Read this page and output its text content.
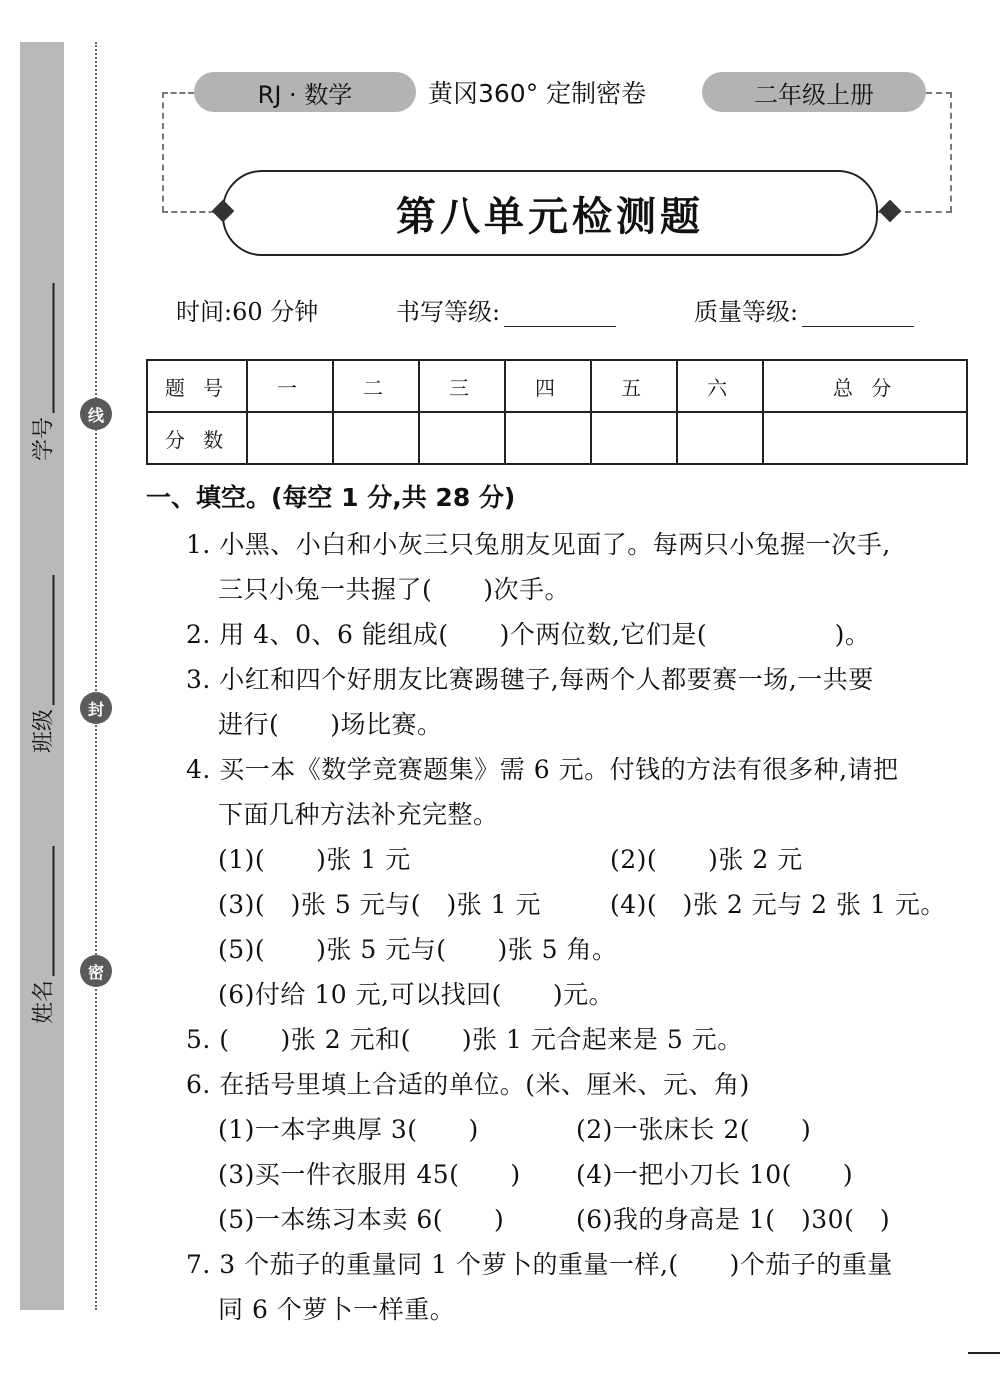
线
封
密
学号
班级
姓名
RJ · 数学	黄冈360° 定制密卷	二年级上册
第八单元检测题
时间:60 分钟	书写等级:	质量等级:
题 号	一	二	三	四	五	六	总 分
分 数							
一、填空。(每空 1 分,共 28 分)
1. 小黑、小白和小灰三只兔朋友见面了。每两只小兔握一次手,
三只小兔一共握了(　　)次手。
2. 用 4、0、6 能组成(　　)个两位数,它们是(　　　　　)。
3. 小红和四个好朋友比赛踢毽子,每两个人都要赛一场,一共要
进行(　　)场比赛。
4. 买一本《数学竞赛题集》需 6 元。付钱的方法有很多种,请把
下面几种方法补充完整。
(1)(　　)张 1 元	(2)(　　)张 2 元
(3)(　)张 5 元与(　)张 1 元	(4)(　)张 2 元与 2 张 1 元。
(5)(　　)张 5 元与(　　)张 5 角。
(6)付给 10 元,可以找回(　　)元。
5. (　　)张 2 元和(　　)张 1 元合起来是 5 元。
6. 在括号里填上合适的单位。(米、厘米、元、角)
(1)一本字典厚 3(　　)	(2)一张床长 2(　　)
(3)买一件衣服用 45(　　) (4)一把小刀长 10(　　)
(5)一本练习本卖 6(　　)	(6)我的身高是 1(　)30(　)
7. 3 个茄子的重量同 1 个萝卜的重量一样,(　　)个茄子的重量
同 6 个萝卜一样重。
